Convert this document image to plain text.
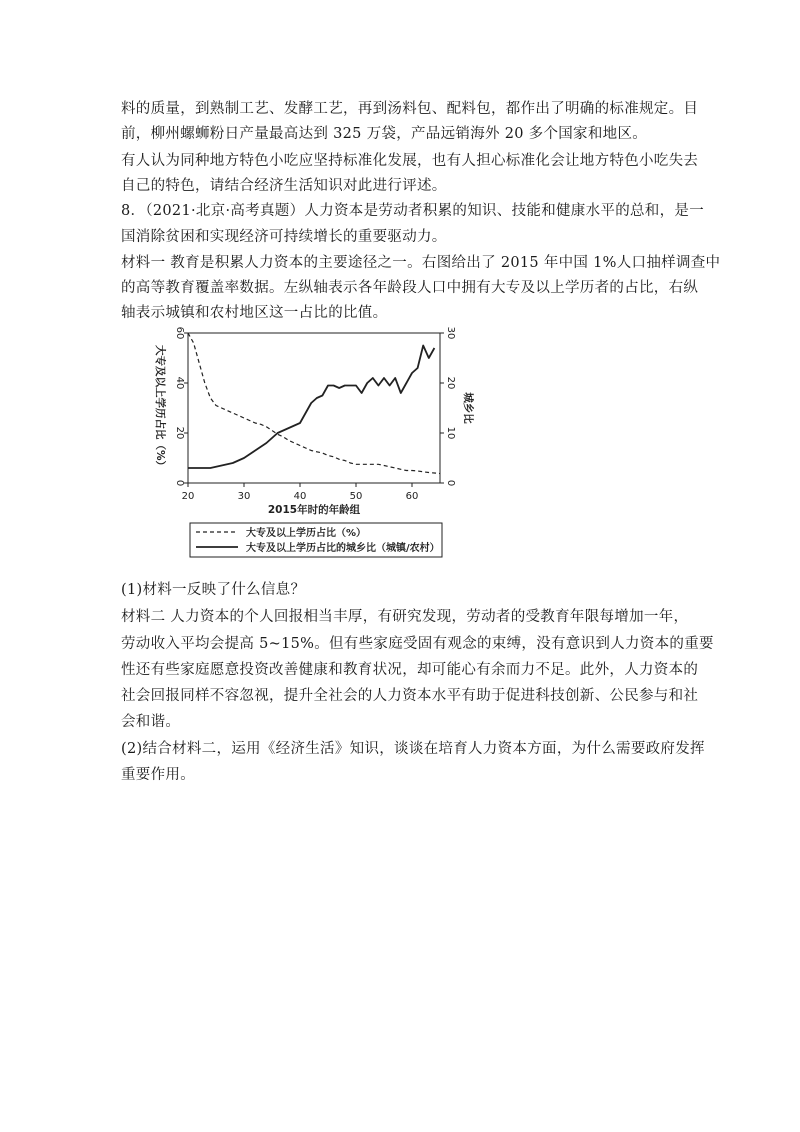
料的质量，到熟制工艺、发酵工艺，再到汤料包、配料包，都作出了明确的标准规定。目
前，柳州螺蛳粉日产量最高达到 325 万袋，产品远销海外 20 多个国家和地区。
有人认为同种地方特色小吃应坚持标准化发展，也有人担心标准化会让地方特色小吃失去
自己的特色，请结合经济生活知识对此进行评述。
8．（2021·北京·高考真题）人力资本是劳动者积累的知识、技能和健康水平的总和，是一
国消除贫困和实现经济可持续增长的重要驱动力。
材料一 教育是积累人力资本的主要途径之一。右图给出了 2015 年中国 1%人口抽样调查中
的高等教育覆盖率数据。左纵轴表示各年龄段人口中拥有大专及以上学历者的占比，右纵
轴表示城镇和农村地区这一占比的比值。
20	30	40	50	60
0
20
40
60
0
10
20
30
2015年时的年龄组
大专及以上学历占比（%）	城乡比
大专及以上学历占比（%）
大专及以上学历占比的城乡比（城镇/农村）
(1)材料一反映了什么信息？
材料二 人力资本的个人回报相当丰厚，有研究发现，劳动者的受教育年限每增加一年，
劳动收入平均会提高 5~15%。但有些家庭受固有观念的束缚，没有意识到人力资本的重要
性还有些家庭愿意投资改善健康和教育状况，却可能心有余而力不足。此外，人力资本的
社会回报同样不容忽视，提升全社会的人力资本水平有助于促进科技创新、公民参与和社
会和谐。
(2)结合材料二，运用《经济生活》知识，谈谈在培育人力资本方面，为什么需要政府发挥
重要作用。
